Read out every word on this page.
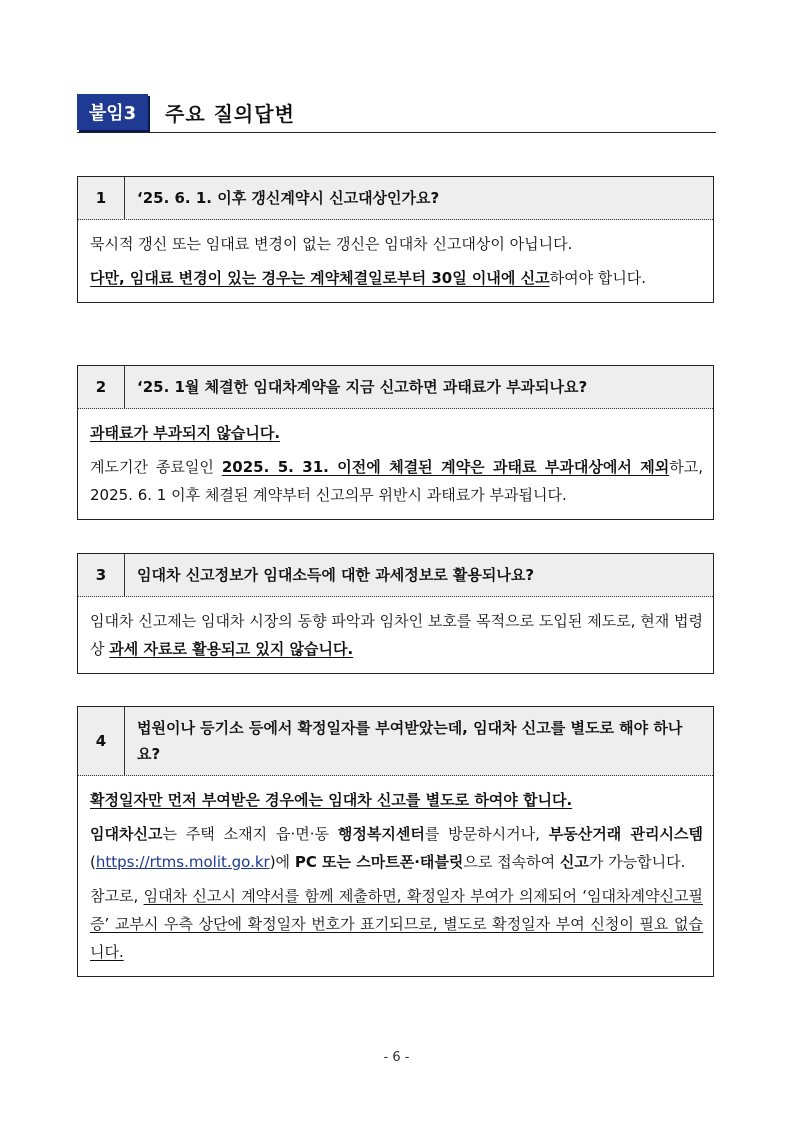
붙임3	주요 질의답변
1	‘25. 6. 1. 이후 갱신계약시 신고대상인가요?

묵시적 갱신 또는 임대료 변경이 없는 갱신은 임대차 신고대상이 아닙니다.

다만, 임대료 변경이 있는 경우는 계약체결일로부터 30일 이내에 신고하여야 합니다.

2	‘25. 1월 체결한 임대차계약을 지금 신고하면 과태료가 부과되나요?

과태료가 부과되지 않습니다.

계도기간 종료일인 2025. 5. 31. 이전에 체결된 계약은 과태료 부과대상에서 제외하고, 2025. 6. 1 이후 체결된 계약부터 신고의무 위반시 과태료가 부과됩니다.

3	임대차 신고정보가 임대소득에 대한 과세정보로 활용되나요?

임대차 신고제는 임대차 시장의 동향 파악과 임차인 보호를 목적으로 도입된 제도로, 현재 법령상 과세 자료로 활용되고 있지 않습니다.

4
법원이나 등기소 등에서 확정일자를 부여받았는데, 임대차 신고를 별도로 해야 하나요?

확정일자만 먼저 부여받은 경우에는 임대차 신고를 별도로 하여야 합니다.

임대차신고는 주택 소재지 읍·면·동 행정복지센터를 방문하시거나, 부동산거래 관리시스템(https://rtms.molit.go.kr)에 PC 또는 스마트폰·태블릿으로 접속하여 신고가 가능합니다.

참고로, 임대차 신고시 계약서를 함께 제출하면, 확정일자 부여가 의제되어 ‘임대차계약신고필증’ 교부시 우측 상단에 확정일자 번호가 표기되므로, 별도로 확정일자 부여 신청이 필요 없습니다.

- 6 -
